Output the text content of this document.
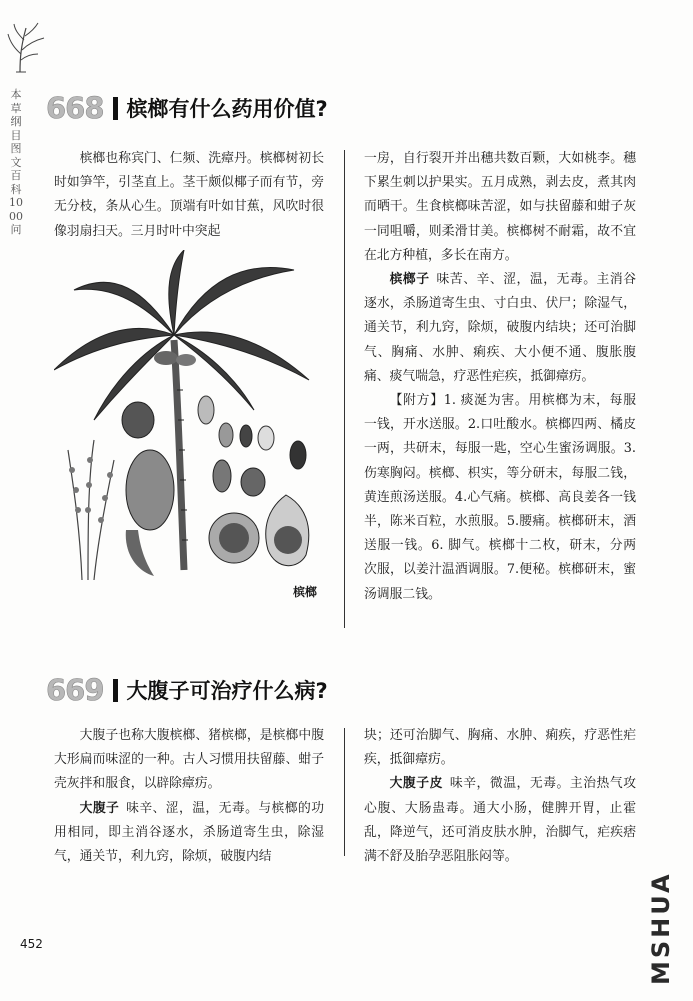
本草纲目图文百科1000问
668 槟榔有什么药用价值?

槟榔也称宾门、仁频、洗瘴丹。槟榔树初长时如笋竿，引茎直上。茎干颇似椰子而有节，旁无分枝，条从心生。顶端有叶如甘蕉，风吹时很像羽扇扫天。三月时叶中突起

槟榔

一房，自行裂开并出穗共数百颗，大如桃李。穗下累生刺以护果实。五月成熟，剥去皮，煮其肉而晒干。生食槟榔味苦涩，如与扶留藤和蚶子灰一同咀嚼，则柔滑甘美。槟榔树不耐霜，故不宜在北方种植，多长在南方。

槟榔子  味苦、辛、涩，温，无毒。主消谷逐水，杀肠道寄生虫、寸白虫、伏尸；除湿气，通关节，利九窍，除烦，破腹内结块；还可治脚气、胸痛、水肿、痢疾、大小便不通、腹胀腹痛、痰气喘急，疗恶性疟疾，抵御瘴疠。

【附方】1. 痰涎为害。用槟榔为末，每服一钱，开水送服。2.口吐酸水。槟榔四两、橘皮一两，共研末，每服一匙，空心生蜜汤调服。3. 伤寒胸闷。槟榔、枳实，等分研末，每服二钱，黄连煎汤送服。4.心气痛。槟榔、高良姜各一钱半，陈米百粒，水煎服。5.腰痛。槟榔研末，酒送服一钱。6. 脚气。槟榔十二枚，研末，分两次服，以姜汁温酒调服。7.便秘。槟榔研末，蜜汤调服二钱。

669 大腹子可治疗什么病?

大腹子也称大腹槟榔、猪槟榔，是槟榔中腹大形扁而味涩的一种。古人习惯用扶留藤、蚶子壳灰拌和服食，以辟除瘴疠。

大腹子  味辛、涩，温，无毒。与槟榔的功用相同，即主消谷逐水，杀肠道寄生虫，除湿气，通关节，利九窍，除烦，破腹内结

块；还可治脚气、胸痛、水肿、痢疾，疗恶性疟疾，抵御瘴疠。

大腹子皮  味辛，微温，无毒。主治热气攻心腹、大肠蛊毒。通大小肠，健脾开胃，止霍乱，降逆气，还可消皮肤水肿，治脚气，疟疾痞满不舒及胎孕恶阻胀闷等。

452	MSHUA
